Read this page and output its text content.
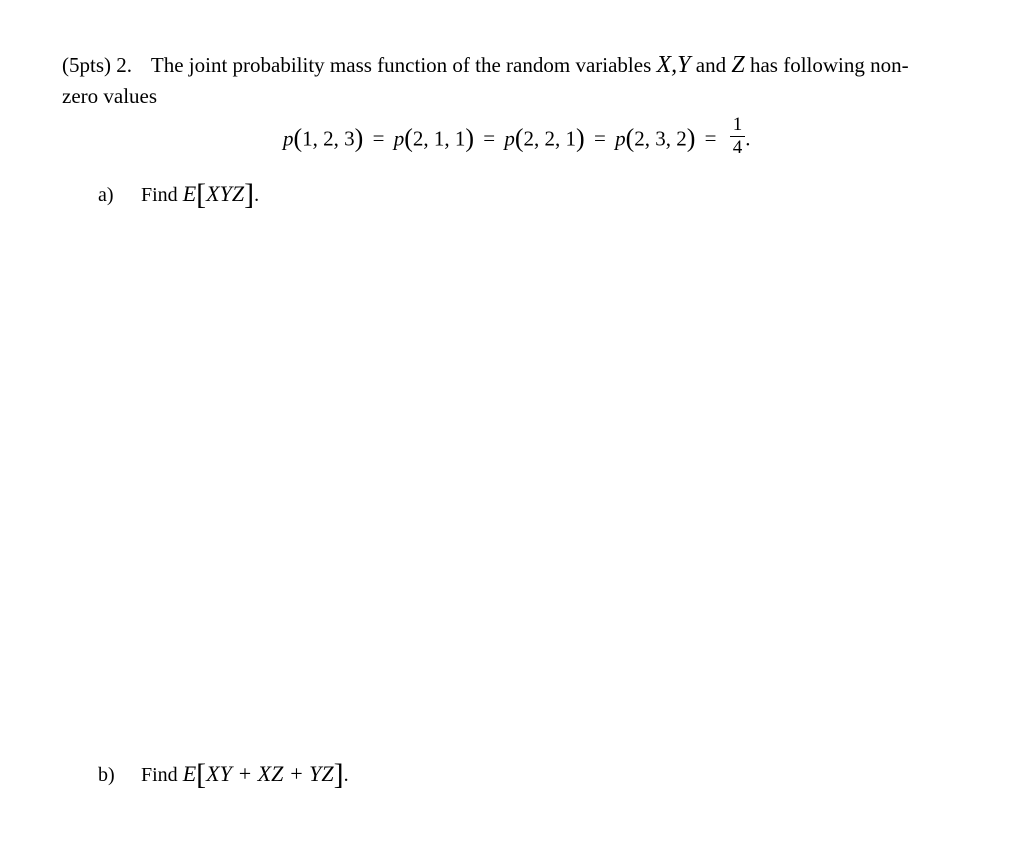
(5pts) 2. The joint probability mass function of the random variables X,Y and Z has following non-
zero values
p(1, 2, 3) = p(2, 1, 1) = p(2, 2, 1) = p(2, 3, $2) = \frac{1}{4}$ .
a) Find E[XYZ].
b) Find E[XY + XZ + YZ].
